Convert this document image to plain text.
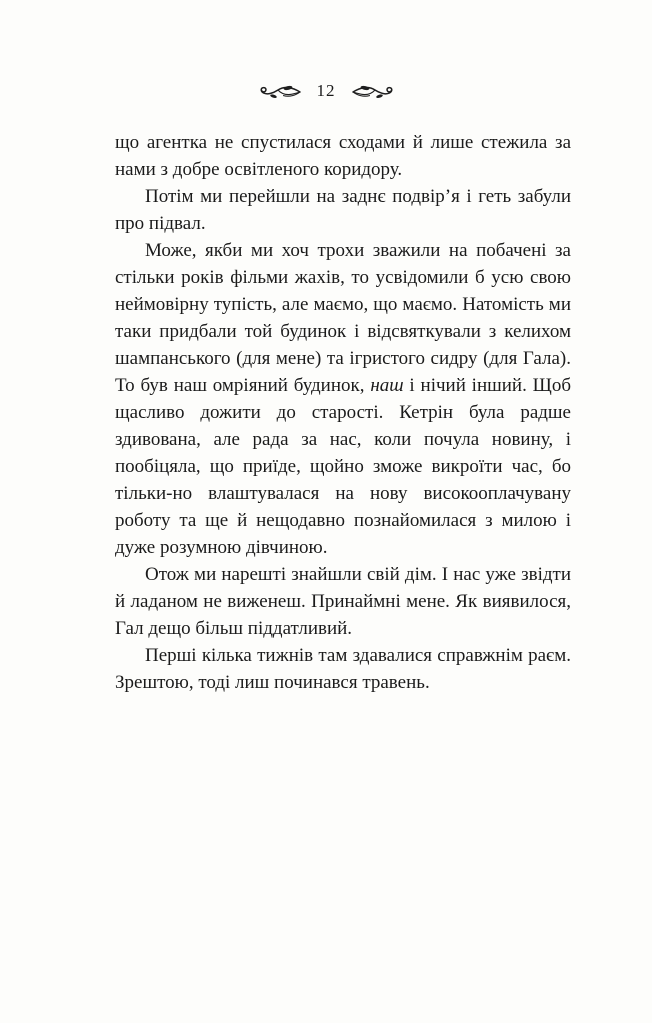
12

що агентка не спустилася сходами й лише стежила за нами з добре освітленого коридору.

Потім ми перейшли на заднє подвір’я і геть забули про підвал.

Може, якби ми хоч трохи зважили на побачені за стільки років фільми жахів, то усвідомили б усю свою неймовірну тупість, але маємо, що маємо. Натомість ми таки придбали той будинок і відсвяткували з келихом шампанського (для мене) та ігристого сидру (для Гала). То був наш омріяний будинок, наш і нічий інший. Щоб щасливо дожити до старості. Кетрін була радше здивована, але рада за нас, коли почула новину, і пообіцяла, що приїде, щойно зможе викроїти час, бо тільки-но влаштувалася на нову високооплачувану роботу та ще й нещодавно познайомилася з милою і дуже розумною дівчиною.

Отож ми нарешті знайшли свій дім. І нас уже звідти й ладаном не виженеш. Принаймні мене. Як виявилося, Гал дещо більш піддатливий.

Перші кілька тижнів там здавалися справжнім раєм. Зрештою, тоді лиш починався травень.
